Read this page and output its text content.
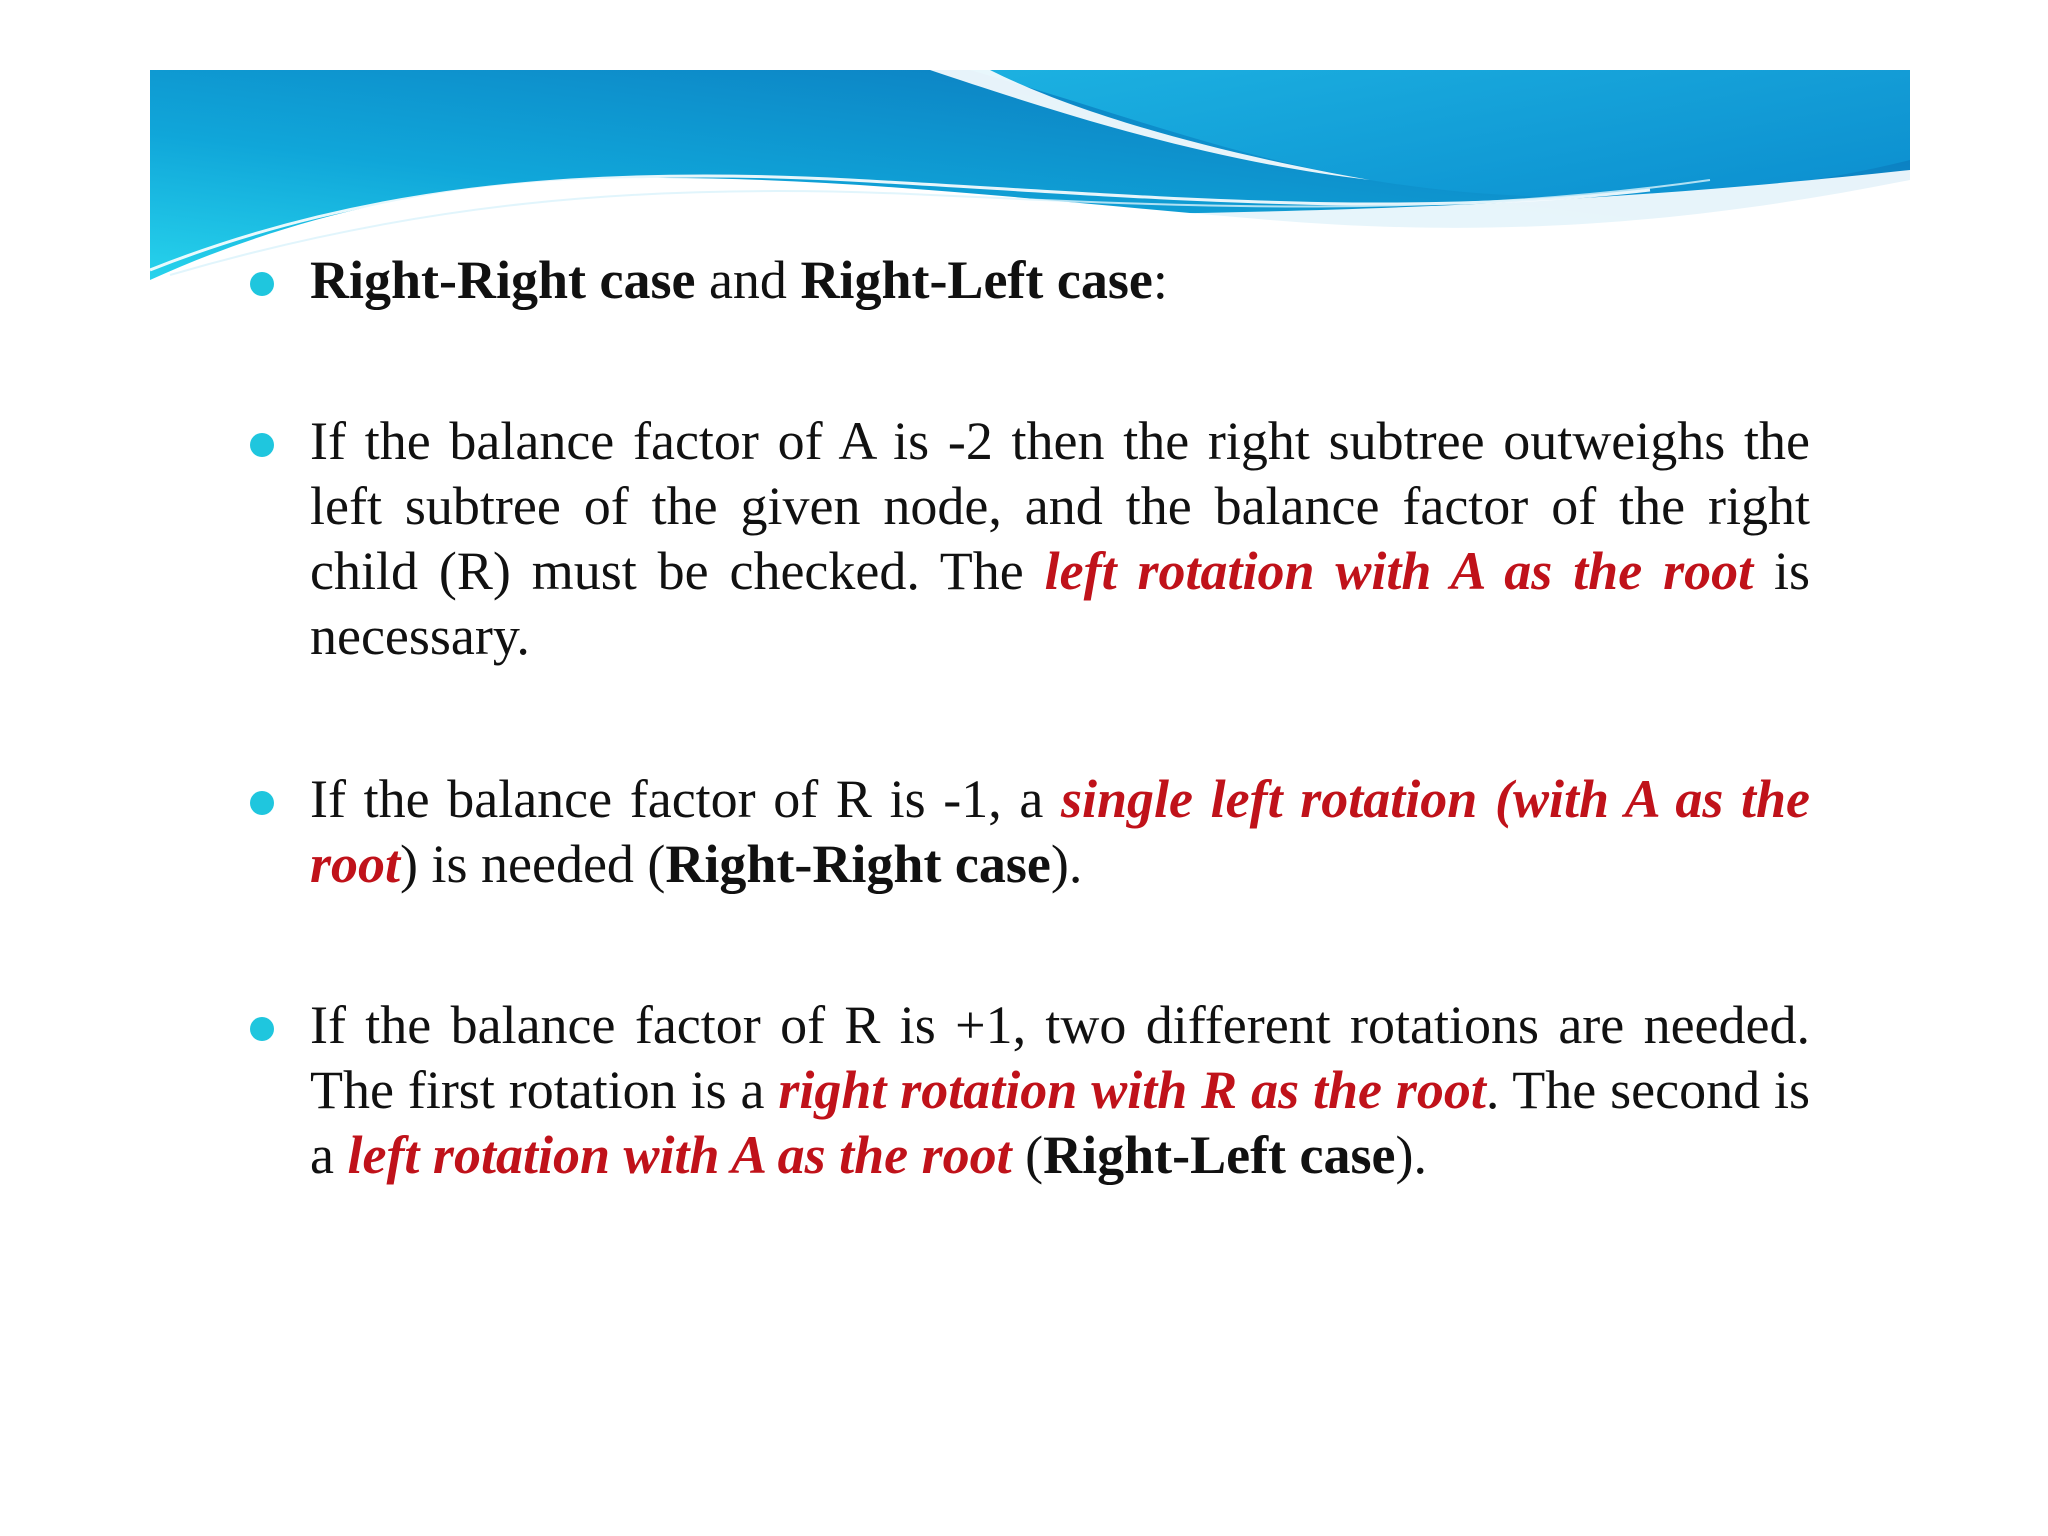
Right-Right case and Right-Left case:
If the balance factor of A is -2 then the right subtree outweighs the left subtree of the given node, and the balance factor of the right child (R) must be checked. The left rotation with A as the root is necessary.
If the balance factor of R is -1, a single left rotation (with A as the root) is needed (Right-Right case).
If the balance factor of R is +1, two different rotations are needed. The first rotation is a right rotation with R as the root. The second is a left rotation with A as the root (Right-Left case).
